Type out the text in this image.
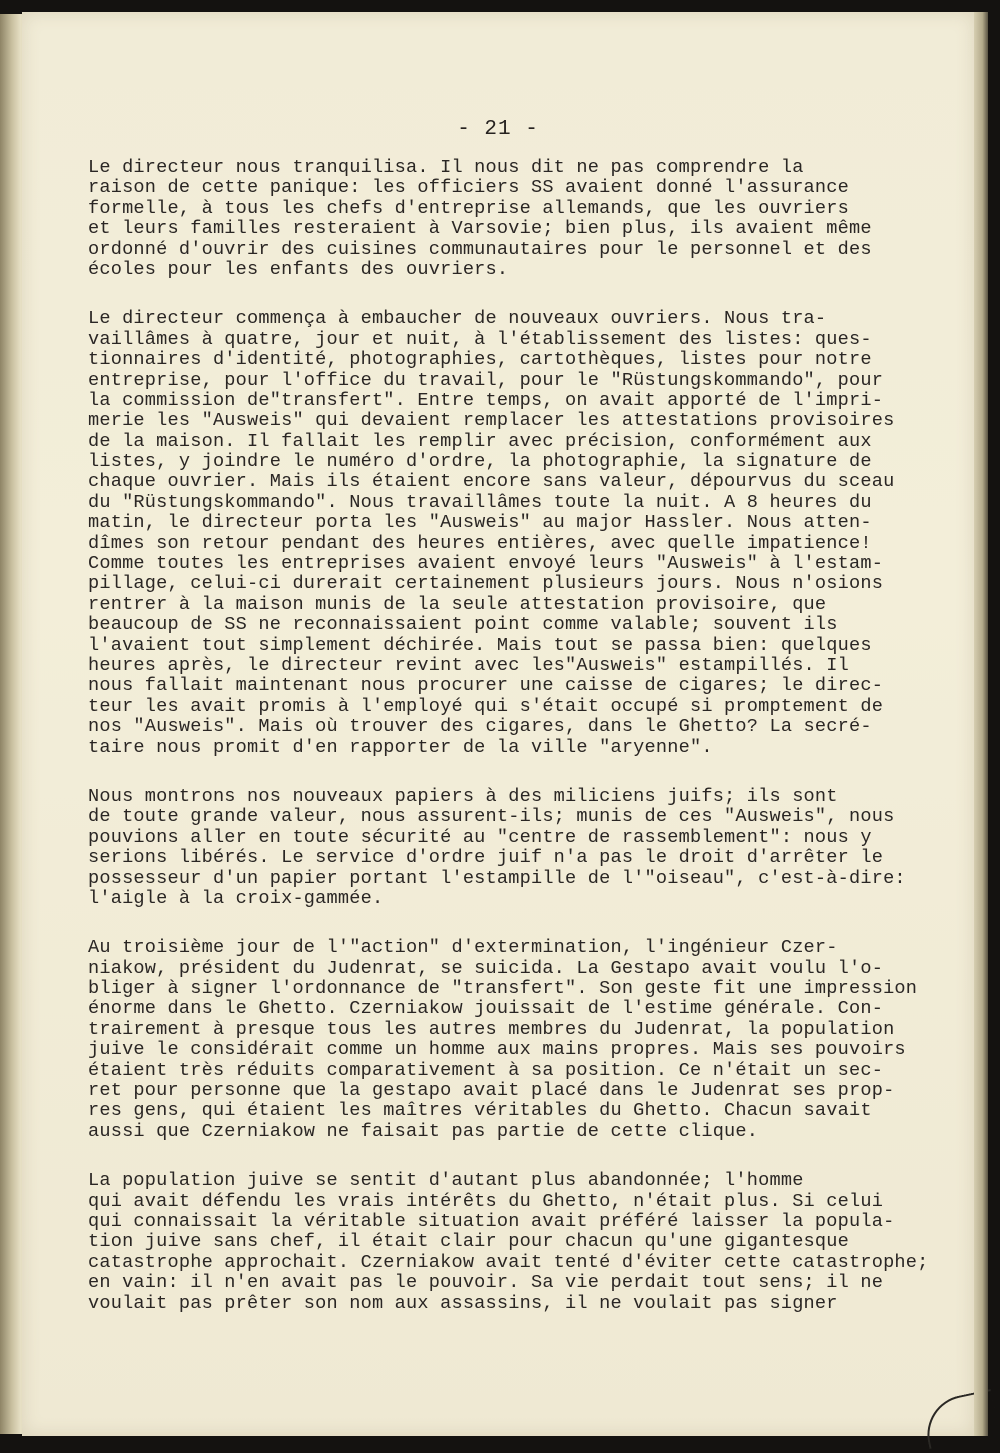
- 21 -
Le directeur nous tranquilisa. Il nous dit ne pas comprendre la
raison de cette panique: les officiers SS avaient donné l'assurance
formelle, à tous les chefs d'entreprise allemands, que les ouvriers
et leurs familles resteraient à Varsovie; bien plus, ils avaient même
ordonné d'ouvrir des cuisines communautaires pour le personnel et des
écoles pour les enfants des ouvriers.
Le directeur commença à embaucher de nouveaux ouvriers. Nous tra-
vaillâmes à quatre, jour et nuit, à l'établissement des listes: ques-
tionnaires d'identité, photographies, cartothèques, listes pour notre
entreprise, pour l'office du travail, pour le "Rüstungskommando", pour
la commission de"transfert". Entre temps, on avait apporté de l'impri-
merie les "Ausweis" qui devaient remplacer les attestations provisoires
de la maison. Il fallait les remplir avec précision, conformément aux
listes, y joindre le numéro d'ordre, la photographie, la signature de
chaque ouvrier. Mais ils étaient encore sans valeur, dépourvus du sceau
du "Rüstungskommando". Nous travaillâmes toute la nuit. A 8 heures du
matin, le directeur porta les "Ausweis" au major Hassler. Nous atten-
dîmes son retour pendant des heures entières, avec quelle impatience!
Comme toutes les entreprises avaient envoyé leurs "Ausweis" à l'estam-
pillage, celui-ci durerait certainement plusieurs jours. Nous n'osions
rentrer à la maison munis de la seule attestation provisoire, que
beaucoup de SS ne reconnaissaient point comme valable; souvent ils
l'avaient tout simplement déchirée. Mais tout se passa bien: quelques
heures après, le directeur revint avec les"Ausweis" estampillés. Il
nous fallait maintenant nous procurer une caisse de cigares; le direc-
teur les avait promis à l'employé qui s'était occupé si promptement de
nos "Ausweis". Mais où trouver des cigares, dans le Ghetto? La secré-
taire nous promit d'en rapporter de la ville "aryenne".
Nous montrons nos nouveaux papiers à des miliciens juifs; ils sont
de toute grande valeur, nous assurent-ils; munis de ces "Ausweis", nous
pouvions aller en toute sécurité au "centre de rassemblement": nous y
serions libérés. Le service d'ordre juif n'a pas le droit d'arrêter le
possesseur d'un papier portant l'estampille de l'"oiseau", c'est-à-dire:
l'aigle à la croix-gammée.
Au troisième jour de l'"action" d'extermination, l'ingénieur Czer-
niakow, président du Judenrat, se suicida. La Gestapo avait voulu l'o-
bliger à signer l'ordonnance de "transfert". Son geste fit une impression
énorme dans le Ghetto. Czerniakow jouissait de l'estime générale. Con-
trairement à presque tous les autres membres du Judenrat, la population
juive le considérait comme un homme aux mains propres. Mais ses pouvoirs
étaient très réduits comparativement à sa position. Ce n'était un sec-
ret pour personne que la gestapo avait placé dans le Judenrat ses prop-
res gens, qui étaient les maîtres véritables du Ghetto. Chacun savait
aussi que Czerniakow ne faisait pas partie de cette clique.
La population juive se sentit d'autant plus abandonnée; l'homme
qui avait défendu les vrais intérêts du Ghetto, n'était plus. Si celui
qui connaissait la véritable situation avait préféré laisser la popula-
tion juive sans chef, il était clair pour chacun qu'une gigantesque
catastrophe approchait. Czerniakow avait tenté d'éviter cette catastrophe;
en vain: il n'en avait pas le pouvoir. Sa vie perdait tout sens; il ne
voulait pas prêter son nom aux assassins, il ne voulait pas signer
